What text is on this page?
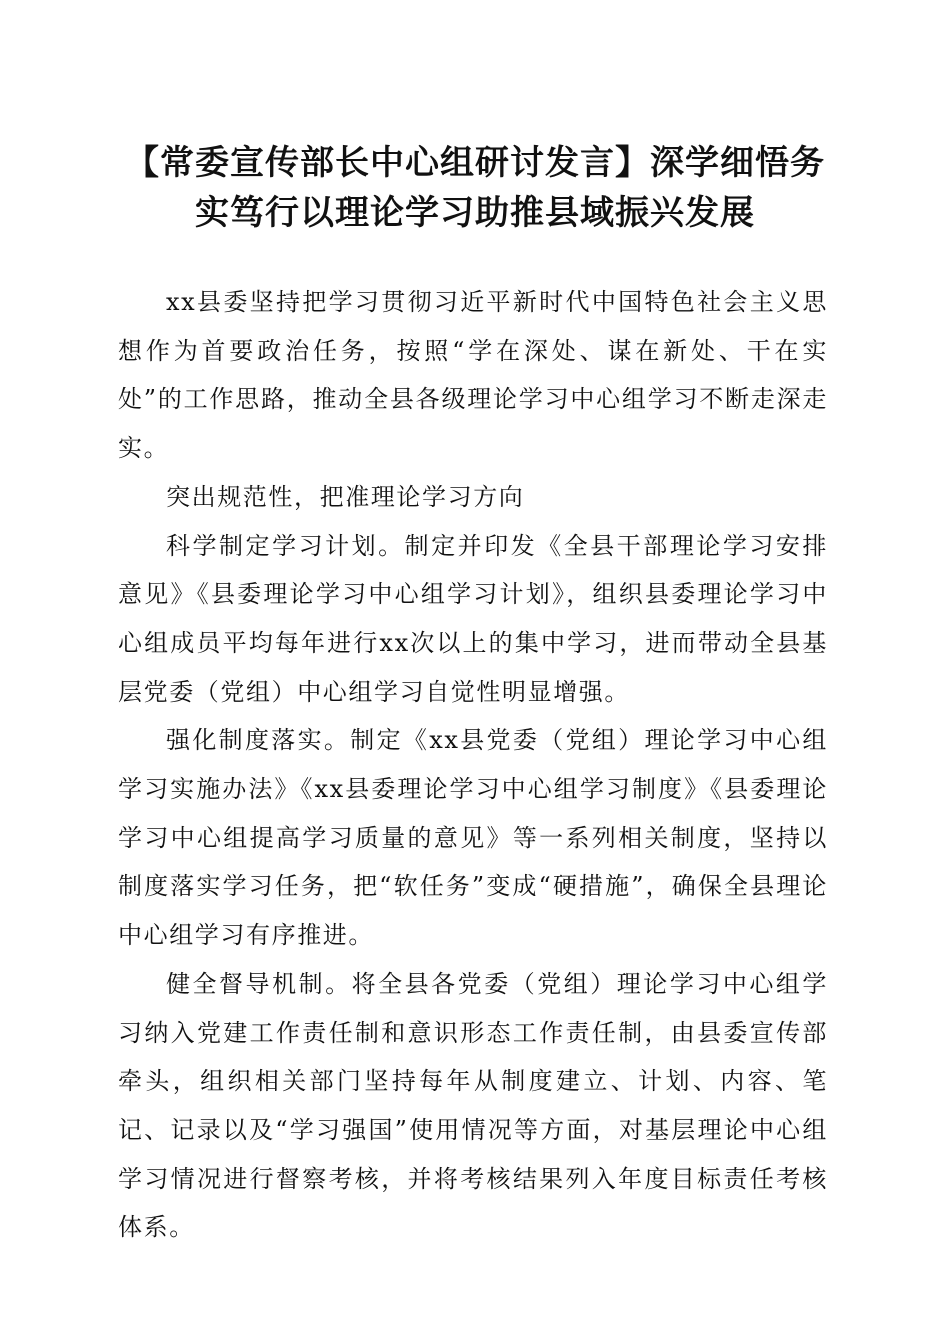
【常委宣传部长中心组研讨发言】深学细悟务
实笃行以理论学习助推县域振兴发展

xx县委坚持把学习贯彻习近平新时代中国特色社会主义思想作为首要政治任务，按照“学在深处、谋在新处、干在实处”的工作思路，推动全县各级理论学习中心组学习不断走深走实。

突出规范性，把准理论学习方向

科学制定学习计划。制定并印发《全县干部理论学习安排意见》《县委理论学习中心组学习计划》，组织县委理论学习中心组成员平均每年进行xx次以上的集中学习，进而带动全县基层党委（党组）中心组学习自觉性明显增强。

强化制度落实。制定《xx县党委（党组）理论学习中心组学习实施办法》《xx县委理论学习中心组学习制度》《县委理论学习中心组提高学习质量的意见》等一系列相关制度，坚持以制度落实学习任务，把“软任务”变成“硬措施”，确保全县理论中心组学习有序推进。

健全督导机制。将全县各党委（党组）理论学习中心组学习纳入党建工作责任制和意识形态工作责任制，由县委宣传部牵头，组织相关部门坚持每年从制度建立、计划、内容、笔记、记录以及“学习强国”使用情况等方面，对基层理论中心组学习情况进行督察考核，并将考核结果列入年度目标责任考核体系。
